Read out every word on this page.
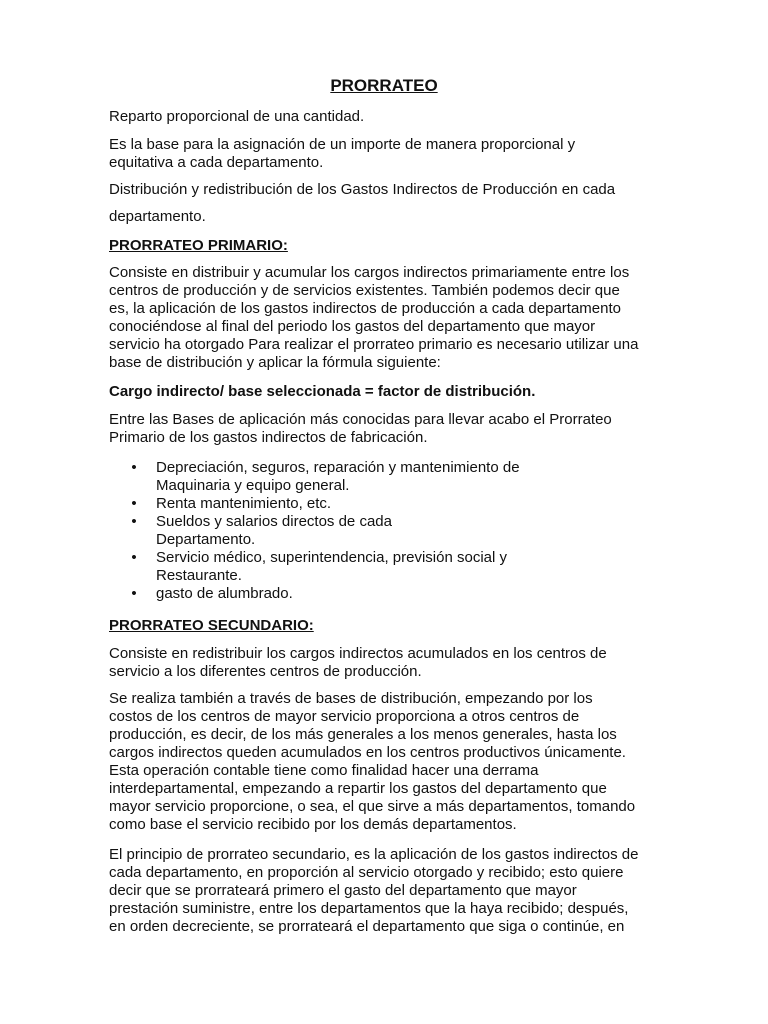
PRORRATEO

Reparto proporcional de una cantidad.

Es la base para la asignación de un importe de manera proporcional y
equitativa a cada departamento.

Distribución y redistribución de los Gastos Indirectos de Producción en cada

departamento.

PRORRATEO PRIMARIO:

Consiste en distribuir y acumular los cargos indirectos primariamente entre los
centros de producción y de servicios existentes. También podemos decir que
es, la aplicación de los gastos indirectos de producción a cada departamento
conociéndose al final del periodo los gastos del departamento que mayor
servicio ha otorgado Para realizar el prorrateo primario es necesario utilizar una
base de distribución y aplicar la fórmula siguiente:

Cargo indirecto/ base seleccionada = factor de distribución.

Entre las Bases de aplicación más conocidas para llevar acabo el Prorrateo
Primario de los gastos indirectos de fabricación.

• Depreciación, seguros, reparación y mantenimiento de
Maquinaria y equipo general.
• Renta mantenimiento, etc.
• Sueldos y salarios directos de cada
Departamento.
• Servicio médico, superintendencia, previsión social y
Restaurante.
• gasto de alumbrado.

PRORRATEO SECUNDARIO:

Consiste en redistribuir los cargos indirectos acumulados en los centros de
servicio a los diferentes centros de producción.

Se realiza también a través de bases de distribución, empezando por los
costos de los centros de mayor servicio proporciona a otros centros de
producción, es decir, de los más generales a los menos generales, hasta los
cargos indirectos queden acumulados en los centros productivos únicamente.
Esta operación contable tiene como finalidad hacer una derrama
interdepartamental, empezando a repartir los gastos del departamento que
mayor servicio proporcione, o sea, el que sirve a más departamentos, tomando
como base el servicio recibido por los demás departamentos.

El principio de prorrateo secundario, es la aplicación de los gastos indirectos de
cada departamento, en proporción al servicio otorgado y recibido; esto quiere
decir que se prorrateará primero el gasto del departamento que mayor
prestación suministre, entre los departamentos que la haya recibido; después,
en orden decreciente, se prorrateará el departamento que siga o continúe, en
